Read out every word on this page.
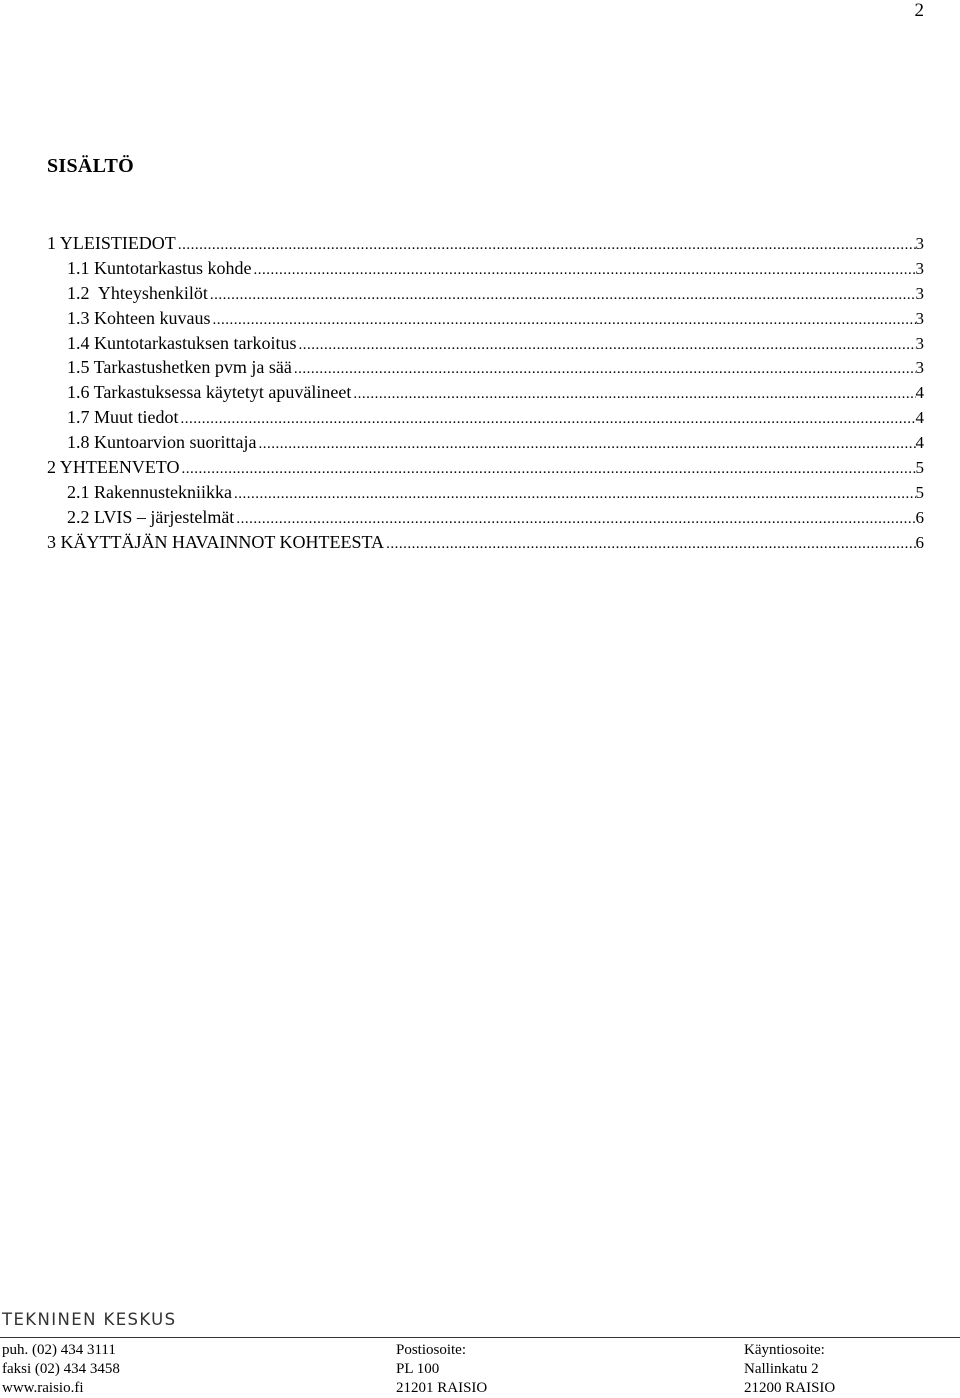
2
SISÄLTÖ
1 YLEISTIEDOT .....	3
1.1 Kuntotarkastus kohde .....	3
1.2  Yhteyshenkilöt .....	3
1.3 Kohteen kuvaus .....	3
1.4 Kuntotarkastuksen tarkoitus .....	3
1.5 Tarkastushetken pvm ja sää .....	3
1.6 Tarkastuksessa käytetyt apuvälineet .....	4
1.7 Muut tiedot .....	4
1.8 Kuntoarvion suorittaja .....	4
2 YHTEENVETO .....	5
2.1 Rakennustekniikka .....	5
2.2 LVIS – järjestelmät .....	6
3 KÄYTTÄJÄN HAVAINNOT KOHTEESTA .....	6
TEKNINEN KESKUS
puh. (02) 434 3111
faksi (02) 434 3458
www.raisio.fi
Postiosoite:
PL 100
21201 RAISIO
Käyntiosoite:
Nallinkatu 2
21200 RAISIO
